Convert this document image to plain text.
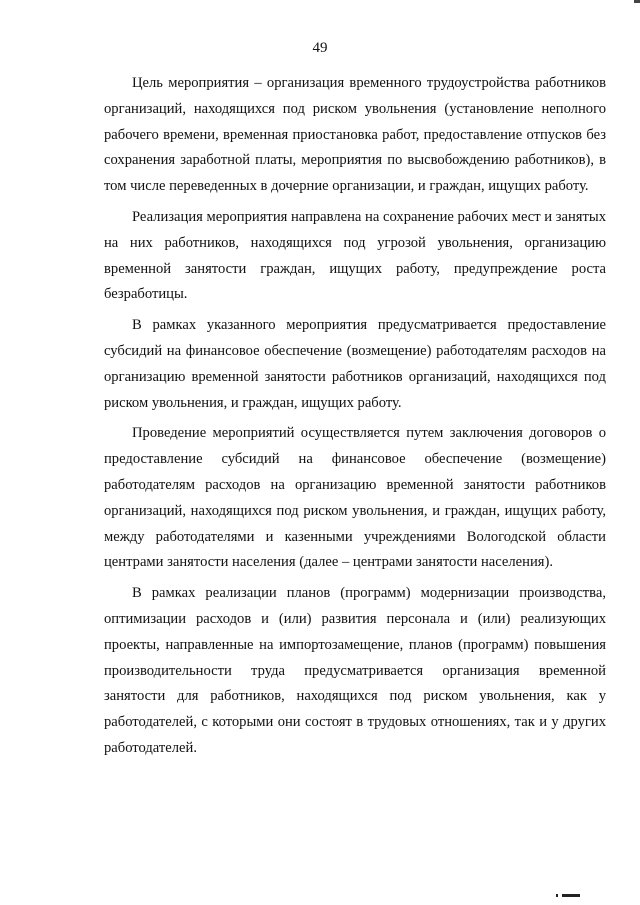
49

Цель мероприятия – организация временного трудоустройства работников организаций, находящихся под риском увольнения (установление неполного рабочего времени, временная приостановка работ, предоставление отпусков без сохранения заработной платы, мероприятия по высвобождению работников), в том числе переведенных в дочерние организации, и граждан, ищущих работу.

Реализация мероприятия направлена на сохранение рабочих мест и занятых на них работников, находящихся под угрозой увольнения, организацию временной занятости граждан, ищущих работу, предупреждение роста безработицы.

В рамках указанного мероприятия предусматривается предоставление субсидий на финансовое обеспечение (возмещение) работодателям расходов на организацию временной занятости работников организаций, находящихся под риском увольнения, и граждан, ищущих работу.

Проведение мероприятий осуществляется путем заключения договоров о предоставление субсидий на финансовое обеспечение (возмещение) работодателям расходов на организацию временной занятости работников организаций, находящихся под риском увольнения, и граждан, ищущих работу, между работодателями и казенными учреждениями Вологодской области центрами занятости населения (далее – центрами занятости населения).

В рамках реализации планов (программ) модернизации производства, оптимизации расходов и (или) развития персонала и (или) реализующих проекты, направленные на импортозамещение, планов (программ) повышения производительности труда предусматривается организация временной занятости для работников, находящихся под риском увольнения, как у работодателей, с которыми они состоят в трудовых отношениях, так и у других работодателей.
